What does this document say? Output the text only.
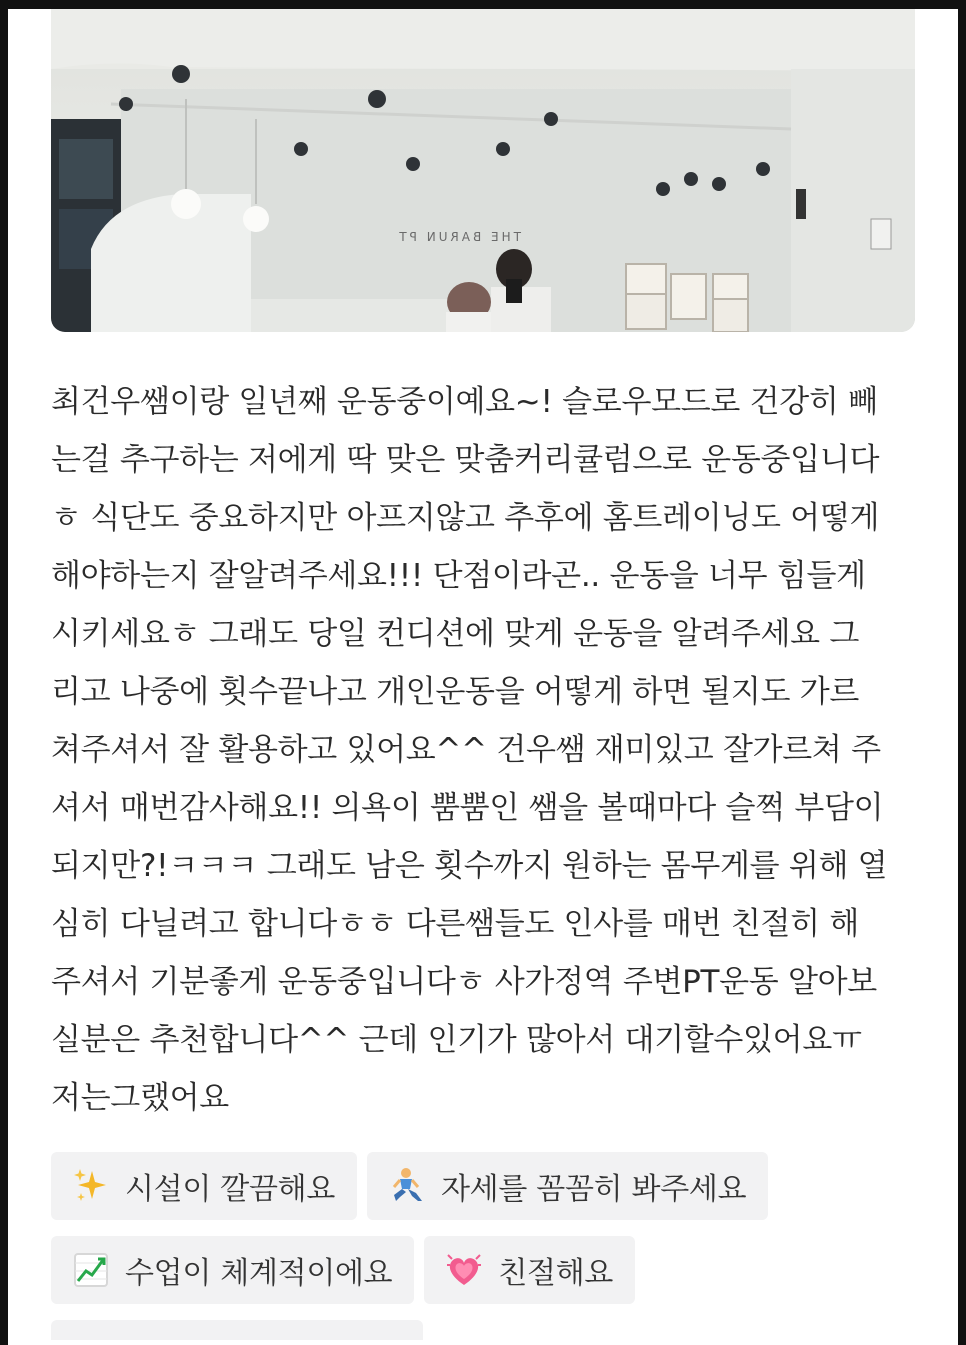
THE BARUN PT

최건우쌤이랑 일년째 운동중이예요~! 슬로우모드로 건강히 빼
는걸 추구하는 저에게 딱 맞은 맞춤커리큘럼으로 운동중입니다
ㅎ 식단도 중요하지만 아프지않고 추후에 홈트레이닝도 어떻게
해야하는지 잘알려주세요!!! 단점이라곤.. 운동을 너무 힘들게
시키세요ㅎ 그래도 당일 컨디션에 맞게 운동을 알려주세요 그
리고 나중에 횟수끝나고 개인운동을 어떻게 하면 될지도 가르
쳐주셔서 잘 활용하고 있어요^^ 건우쌤 재미있고 잘가르쳐 주
셔서 매번감사해요!! 의욕이 뿜뿜인 쌤을 볼때마다 슬쩍 부담이
되지만?!ㅋㅋㅋ 그래도 남은 횟수까지 원하는 몸무게를 위해 열
심히 다닐려고 합니다ㅎㅎ 다른쌤들도 인사를 매번 친절히 해
주셔서 기분좋게 운동중입니다ㅎ 사가정역 주변PT운동 알아보
실분은 추천합니다^^ 근데 인기가 많아서 대기할수있어요ㅠ
저는그랬어요

시설이 깔끔해요	자세를 꼼꼼히 봐주세요
수업이 체계적이에요	친절해요
